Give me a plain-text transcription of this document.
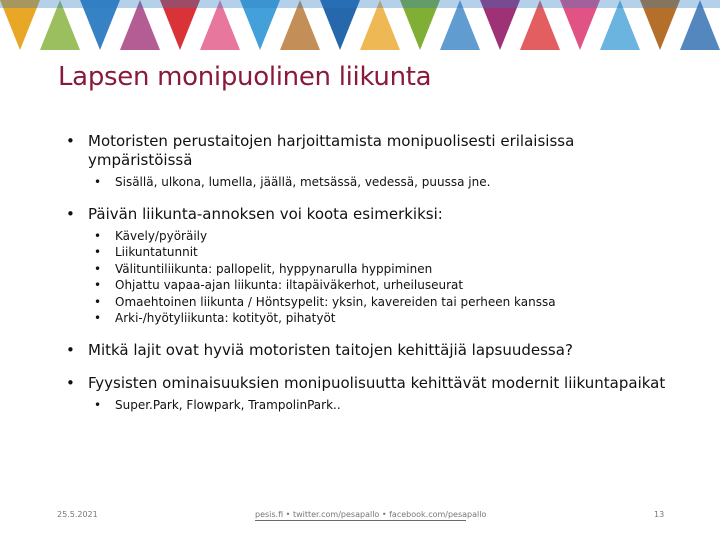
Lapsen monipuolinen liikunta
• Motoristen perustaitojen harjoittamista monipuolisesti erilaisissa ympäristöissä
• Sisällä, ulkona, lumella, jäällä, metsässä, vedessä, puussa jne.
• Päivän liikunta-annoksen voi koota esimerkiksi:
• Kävely/pyöräily
• Liikuntatunnit
• Välituntiliikunta: pallopelit, hyppynarulla hyppiminen
• Ohjattu vapaa-ajan liikunta: iltapäiväkerhot, urheiluseurat
• Omaehtoinen liikunta / Höntsypelit: yksin, kavereiden tai perheen kanssa
• Arki-/hyötyliikunta: kotityöt, pihatyöt
• Mitkä lajit ovat hyviä motoristen taitojen kehittäjiä lapsuudessa?
• Fyysisten ominaisuuksien monipuolisuutta kehittävät modernit liikuntapaikat
• Super.Park, Flowpark, TrampolinPark..
25.5.2021	pesis.fi • twitter.com/pesapallo • facebook.com/pesapallo	13
